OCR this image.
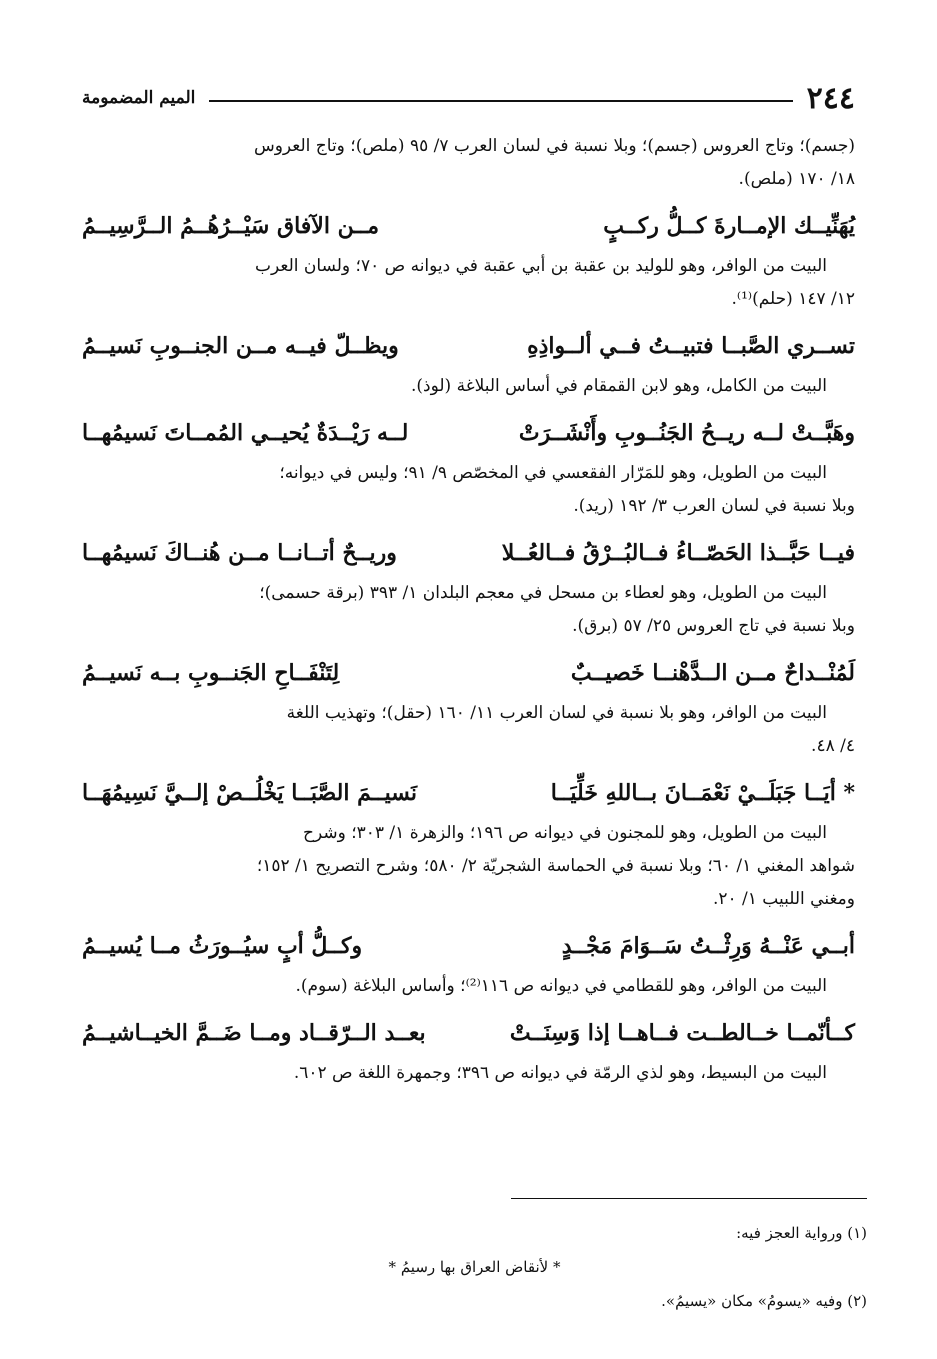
٢٤٤
الميم المضمومة

(جسم)؛ وتاج العروس (جسم)؛ وبلا نسبة في لسان العرب ٧/ ٩٥ (ملص)؛ وتاج العروس

١٨/ ١٧٠ (ملص).

يُهَنِّيــك الإمــارةَ كــلُّ ركــبٍ
مــن الآفاق سَيْــرُهُــمُ الــرَّسِيــمُ

البيت من الوافر، وهو للوليد بن عقبة بن أبي عقبة في ديوانه ص ٧٠؛ ولسان العرب

١٢/ ١٤٧ (حلم)⁽¹⁾.

تســري الصَّبــا فتبيــتُ فــي ألــواذِهِ
ويظــلّ فيــه مــن الجنــوبِ نَسيــمُ

البيت من الكامل، وهو لابن القمقام في أساس البلاغة (لوذ).

وهَبَّــتْ لــه ريــحُ الجَنُــوبِ وأَنْشَــرَتْ
لــه رَيْــدَةٌ يُحيــي المُمــاتَ نَسيمُهــا

البيت من الطويل، وهو للمَرّار الفقعسي في المخصّص ٩/ ٩١؛ وليس في ديوانه؛

وبلا نسبة في لسان العرب ٣/ ١٩٢ (ريد).

فيــا حَبَّــذا الحَصّــاءُ فــالبُــرْقُ فــالعُــلا
وريــحٌ أتــانــا مــن هُنــاكَ نَسيمُهــا

البيت من الطويل، وهو لعطاء بن مسحل في معجم البلدان ١/ ٣٩٣ (برقة حسمى)؛

وبلا نسبة في تاج العروس ٢٥/ ٥٧ (برق).

لَمُنْــداحٌ مــن الــدَّهْنــا خَصيــبٌ
لِتَنْفَــاحِ الجَنــوبِ بــه نَسيــمُ

البيت من الوافر، وهو بلا نسبة في لسان العرب ١١/ ١٦٠ (حقل)؛ وتهذيب اللغة

٤/ ٤٨.

* أيَــا جَبَلَــيْ نَعْمَــانَ بــاللهِ خَلِّيَــا
نَسيــمَ الصَّبَــا يَخْلُــصْ إلــيَّ نَسِيمُهَــا

البيت من الطويل، وهو للمجنون في ديوانه ص ١٩٦؛ والزهرة ١/ ٣٠٣؛ وشرح

شواهد المغني ١/ ٦٠؛ وبلا نسبة في الحماسة الشجريّة ٢/ ٥٨٠؛ وشرح التصريح ١/ ١٥٢؛

ومغني اللبيب ١/ ٢٠.

أبــي عَنْــهُ وَرِثْــتُ سَــوَامَ مَجْــدٍ
وكــلُّ أبٍ سيُــورَثُ مــا يُسيــمُ

البيت من الوافر، وهو للقطامي في ديوانه ص ١١٦⁽²⁾؛ وأساس البلاغة (سوم).

كــأنّمــا خــالطــت فــاهــا إذا وَسِنَــتْ
بعــد الــرّقــاد ومــا ضَــمَّ الخيــاشيــمُ

البيت من البسيط، وهو لذي الرمّة في ديوانه ص ٣٩٦؛ وجمهرة اللغة ص ٦٠٢.

(١) ورواية العجز فيه:
* لأنقاض العراق بها رسيمُ *
(٢) وفيه «يسومُ» مكان «يسيمُ».
